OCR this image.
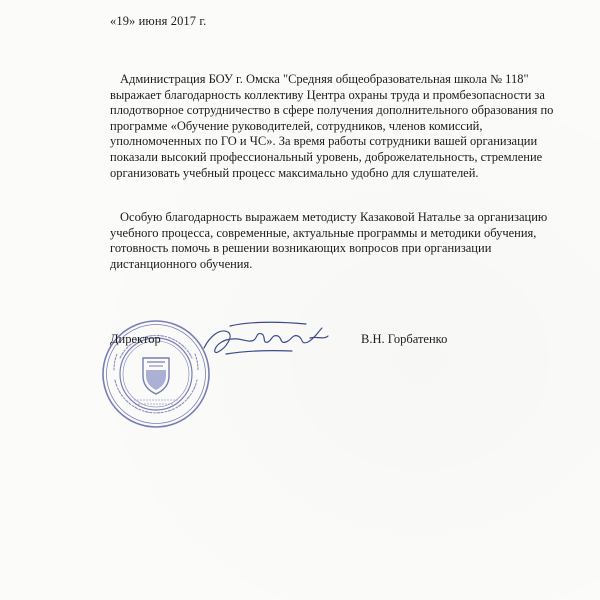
«19» июня 2017 г.
Администрация БОУ г. Омска "Средняя общеобразовательная школа № 118" выражает благодарность коллективу Центра охраны труда и промбезопасности за плодотворное сотрудничество в сфере получения дополнительного образования по программе «Обучение руководителей, сотрудников, членов комиссий, уполномоченных по ГО и ЧС». За время работы сотрудники вашей организации показали высокий профессиональный уровень, доброжелательность, стремление организовать учебный процесс максимально удобно для слушателей.
Особую благодарность выражаем методисту Казаковой Наталье за организацию учебного процесса, современные, актуальные программы и методики обучения, готовность помочь в решении возникающих вопросов при организации дистанционного обучения.
Директор	В.Н. Горбатенко
